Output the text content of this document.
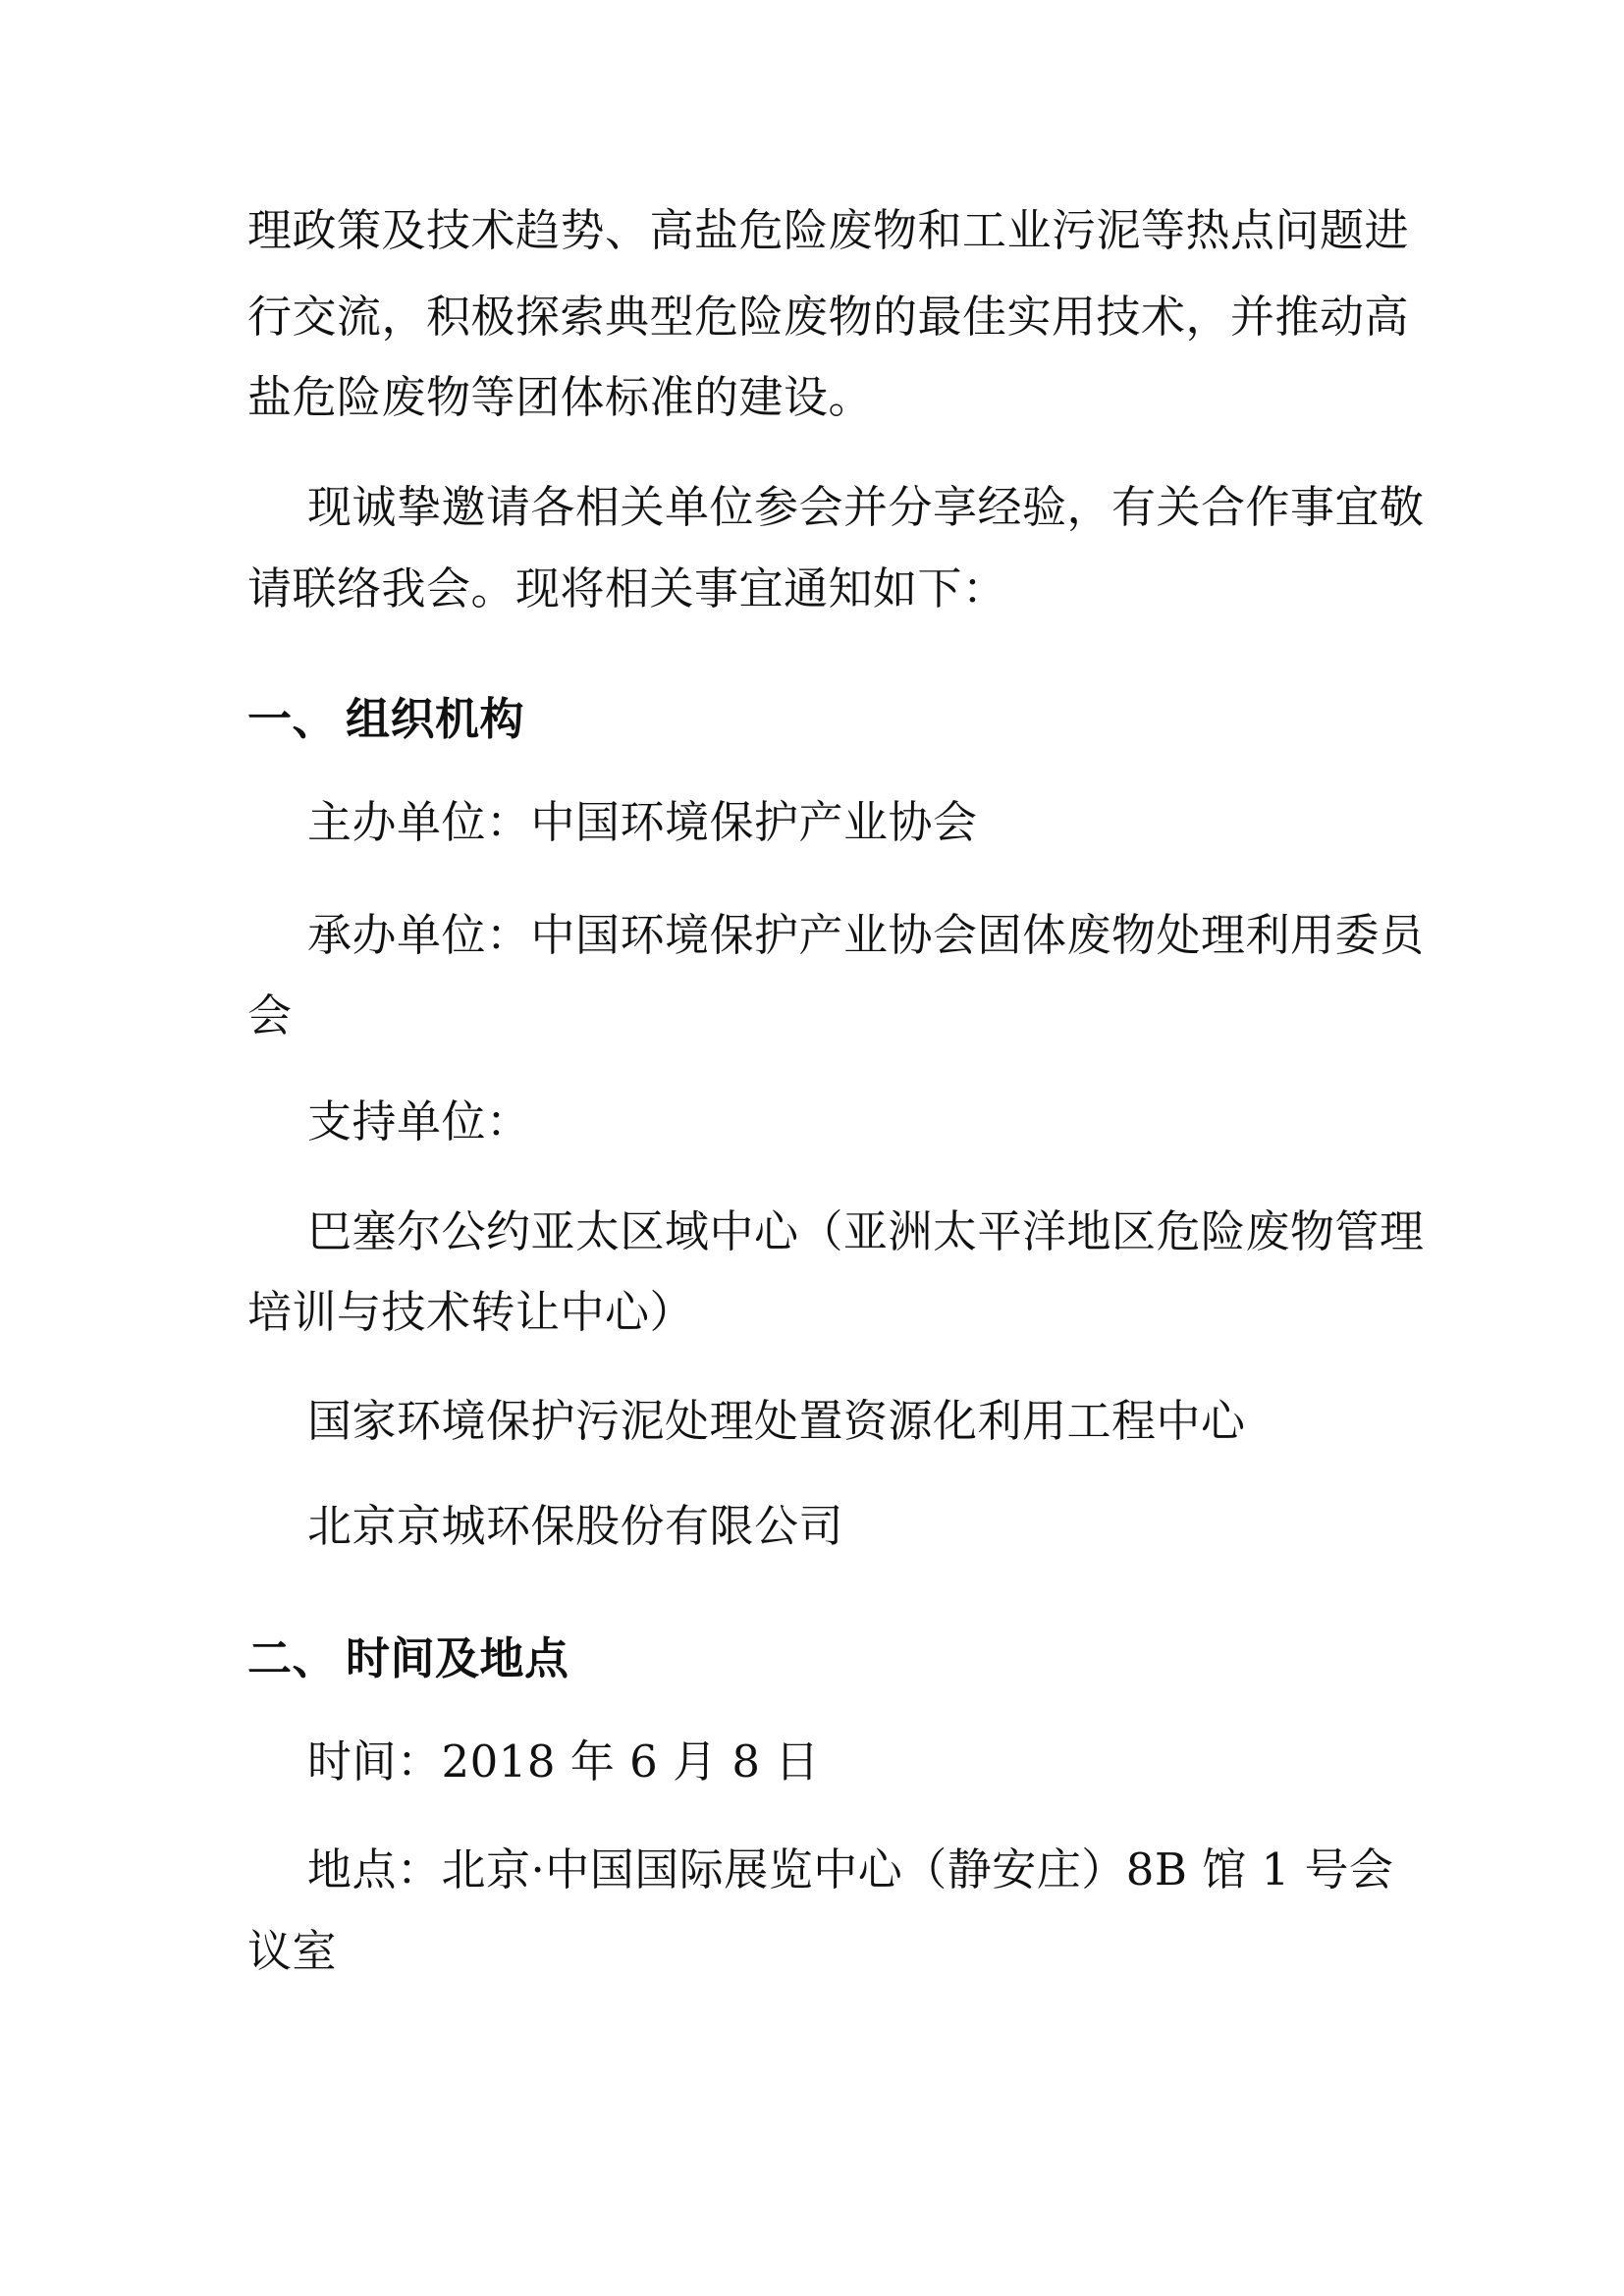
理政策及技术趋势、高盐危险废物和工业污泥等热点问题进
行交流，积极探索典型危险废物的最佳实用技术，并推动高
盐危险废物等团体标准的建设。
现诚挚邀请各相关单位参会并分享经验，有关合作事宜敬
请联络我会。现将相关事宜通知如下：
一、 组织机构
主办单位：中国环境保护产业协会
承办单位：中国环境保护产业协会固体废物处理利用委员
会
支持单位：
巴塞尔公约亚太区域中心（亚洲太平洋地区危险废物管理
培训与技术转让中心）
国家环境保护污泥处理处置资源化利用工程中心
北京京城环保股份有限公司
二、 时间及地点
时间：2018 年 6 月 8 日
地点：北京·中国国际展览中心（静安庄）8B 馆 1 号会
议室
